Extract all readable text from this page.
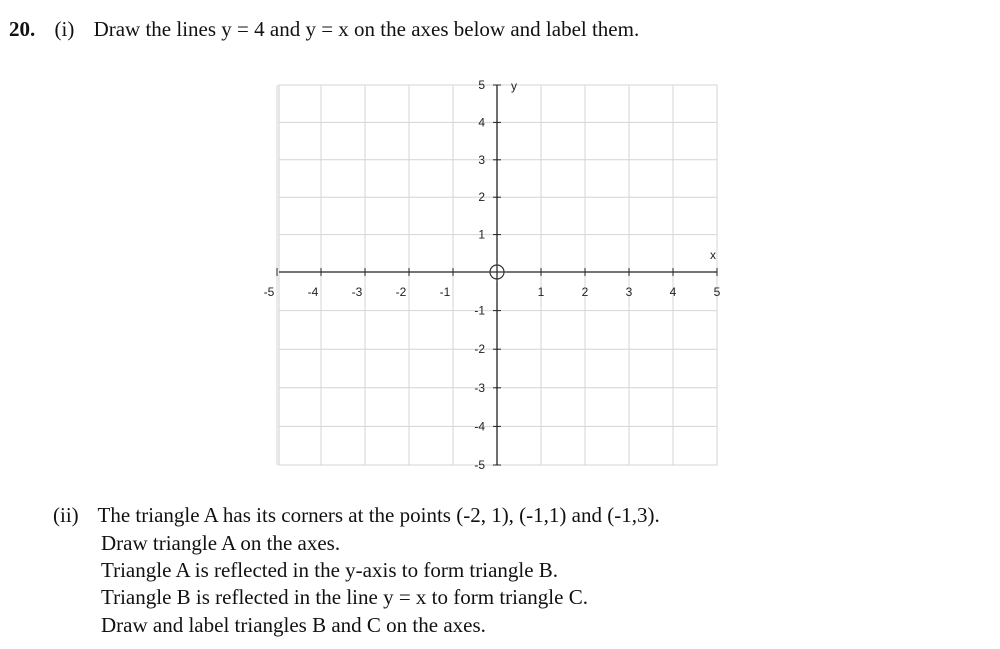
20. (i) Draw the lines y = 4 and y = x on the axes below and label them.
-5	-4	-3	-2	-1	1	2	3	4	5
5
4
3
2
1
-1
-2
-3
-4
-5
x
y
(ii) The triangle A has its corners at the points (-2, 1), (-1,1) and (-1,3).
Draw triangle A on the axes.
Triangle A is reflected in the y-axis to form triangle B.
Triangle B is reflected in the line y = x to form triangle C.
Draw and label triangles B and C on the axes.
